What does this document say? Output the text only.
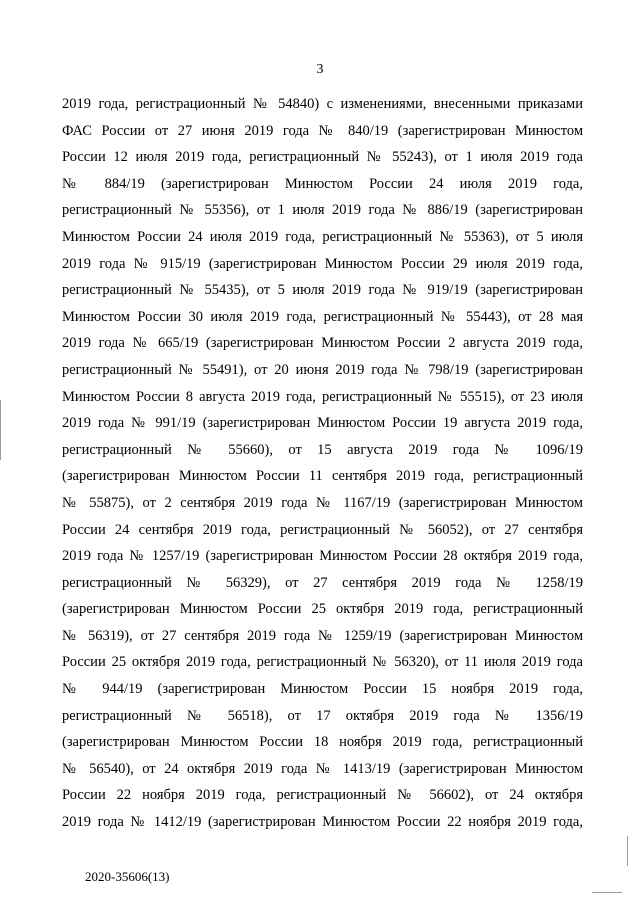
3
2019 года, регистрационный № 54840) с изменениями, внесенными приказами
ФАС России от 27 июня 2019 года № 840/19 (зарегистрирован Минюстом
России 12 июля 2019 года, регистрационный № 55243), от 1 июля 2019 года
№ 884/19 (зарегистрирован Минюстом России 24 июля 2019 года,
регистрационный № 55356), от 1 июля 2019 года № 886/19 (зарегистрирован
Минюстом России 24 июля 2019 года, регистрационный № 55363), от 5 июля
2019 года № 915/19 (зарегистрирован Минюстом России 29 июля 2019 года,
регистрационный № 55435), от 5 июля 2019 года № 919/19 (зарегистрирован
Минюстом России 30 июля 2019 года, регистрационный № 55443), от 28 мая
2019 года № 665/19 (зарегистрирован Минюстом России 2 августа 2019 года,
регистрационный № 55491), от 20 июня 2019 года № 798/19 (зарегистрирован
Минюстом России 8 августа 2019 года, регистрационный № 55515), от 23 июля
2019 года № 991/19 (зарегистрирован Минюстом России 19 августа 2019 года,
регистрационный № 55660), от 15 августа 2019 года № 1096/19
(зарегистрирован Минюстом России 11 сентября 2019 года, регистрационный
№ 55875), от 2 сентября 2019 года № 1167/19 (зарегистрирован Минюстом
России 24 сентября 2019 года, регистрационный № 56052), от 27 сентября
2019 года № 1257/19 (зарегистрирован Минюстом России 28 октября 2019 года,
регистрационный № 56329), от 27 сентября 2019 года № 1258/19
(зарегистрирован Минюстом России 25 октября 2019 года, регистрационный
№ 56319), от 27 сентября 2019 года № 1259/19 (зарегистрирован Минюстом
России 25 октября 2019 года, регистрационный № 56320), от 11 июля 2019 года
№ 944/19 (зарегистрирован Минюстом России 15 ноября 2019 года,
регистрационный № 56518), от 17 октября 2019 года № 1356/19
(зарегистрирован Минюстом России 18 ноября 2019 года, регистрационный
№ 56540), от 24 октября 2019 года № 1413/19 (зарегистрирован Минюстом
России 22 ноября 2019 года, регистрационный № 56602), от 24 октября
2019 года № 1412/19 (зарегистрирован Минюстом России 22 ноября 2019 года,
2020-35606(13)
